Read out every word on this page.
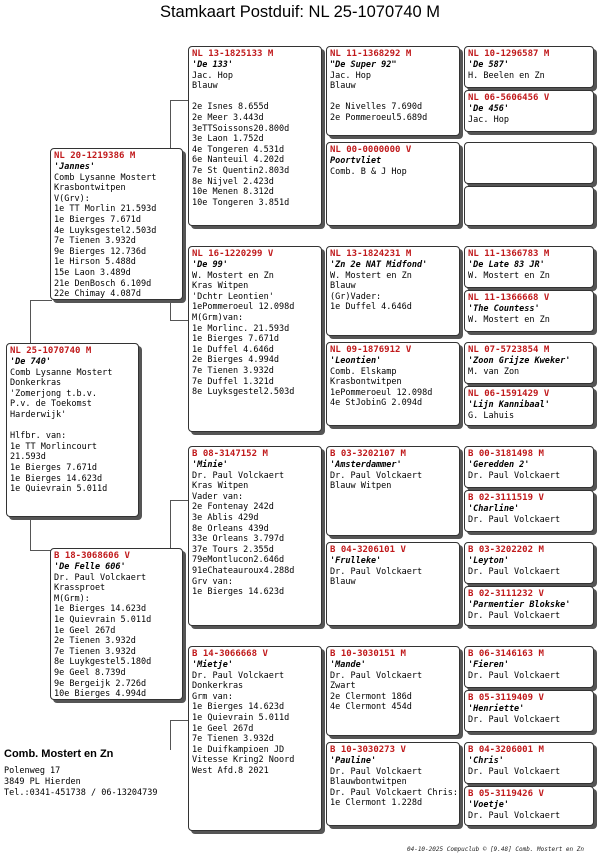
Stamkaart Postduif: NL 25-1070740 M
NL 25-1070740 M
'De 740'
Comb Lysanne Mostert
Donkerkras
'Zomerjong t.b.v.
P.v. de Toekomst
Harderwijk'

Hlfbr. van:
1e TT Morlincourt
21.593d
1e Bierges 7.671d
1e Bierges 14.623d
1e Quievrain 5.011d
NL 20-1219386 M
'Jannes'
Comb Lysanne Mostert
Krasbontwitpen
V(Grv):
1e TT Morlin 21.593d
1e Bierges 7.671d
4e Luyksgestel2.503d
7e Tienen 3.932d
9e Bierges 12.736d
1e Hirson 5.488d
15e Laon 3.489d
21e DenBosch 6.109d
22e Chimay 4.087d
B 18-3068606 V
'De Felle 606'
Dr. Paul Volckaert
Krassproet
M(Grm):
1e Bierges 14.623d
1e Quievrain 5.011d
1e Geel 267d
2e Tienen 3.932d
7e Tienen 3.932d
8e Luykgestel5.180d
9e Geel 8.739d
9e Bergeijk 2.726d
10e Bierges 4.994d
NL 13-1825133 M
'De 133'
Jac. Hop
Blauw

2e Isnes 8.655d
2e Meer 3.443d
3eTTSoissons20.800d
3e Laon 1.752d
4e Tongeren 4.531d
6e Nanteuil 4.202d
7e St Quentin2.803d
8e Nijvel 2.423d
10e Menen 8.312d
10e Tongeren 3.851d
NL 16-1220299 V
'De 99'
W. Mostert en Zn
Kras Witpen
'Dchtr Leontien'
1ePommeroeul 12.098d
M(Grm)van:
1e Morlinc. 21.593d
1e Bierges 7.671d
1e Duffel 4.646d
2e Bierges 4.994d
7e Tienen 3.932d
7e Duffel 1.321d
8e Luyksgestel2.503d
B 08-3147152 M
'Minie'
Dr. Paul Volckaert
Kras Witpen
Vader van:
2e Fontenay 242d
3e Ablis 429d
8e Orleans 439d
33e Orleans 3.797d
37e Tours 2.355d
79eMontlucon2.646d
91eChateauroux4.288d
Grv van:
1e Bierges 14.623d
B 14-3066668 V
'Mietje'
Dr. Paul Volckaert
Donkerkras
Grm van:
1e Bierges 14.623d
1e Quievrain 5.011d
1e Geel 267d
7e Tienen 3.932d
1e Duifkampioen JD
Vitesse Kring2 Noord
West Afd.8 2021
NL 11-1368292 M
"De Super 92"
Jac. Hop
Blauw

2e Nivelles 7.690d
2e Pommeroeul5.689d
NL 00-0000000 V
Poortvliet
Comb. B & J Hop
NL 13-1824231 M
'Zn 2e NAT Midfond'
W. Mostert en Zn
Blauw
(Gr)Vader:
1e Duffel 4.646d
NL 09-1876912 V
'Leontien'
Comb. Elskamp
Krasbontwitpen
1ePommeroeul 12.098d
4e StJobinG 2.094d
B 03-3202107 M
'Amsterdammer'
Dr. Paul Volckaert
Blauw Witpen
B 04-3206101 V
'Frulleke'
Dr. Paul Volckaert
Blauw
B 10-3030151 M
'Mande'
Dr. Paul Volckaert
Zwart
2e Clermont 186d
4e Clermont 454d
B 10-3030273 V
'Pauline'
Dr. Paul Volckaert
Blauwbontwitpen
Dr. Paul Volckaert Chris:
1e Clermont 1.228d
NL 10-1296587 M
'De 587'
H. Beelen en Zn
NL 06-5606456 V
'De 456'
Jac. Hop

NL 11-1366783 M
'De Late 83 JR'
W. Mostert en Zn
NL 11-1366668 V
'The Countess'
W. Mostert en Zn
NL 07-5723854 M
'Zoon Grijze Kweker'
M. van Zon
NL 06-1591429 V
'Lijn Kannibaal'
G. Lahuis
B 00-3181498 M
'Geredden 2'
Dr. Paul Volckaert
B 02-3111519 V
'Charline'
Dr. Paul Volckaert
B 03-3202202 M
'Leyton'
Dr. Paul Volckaert
B 02-3111232 V
'Parmentier Blokske'
Dr. Paul Volckaert
B 06-3146163 M
'Fieren'
Dr. Paul Volckaert
B 05-3119409 V
'Henriette'
Dr. Paul Volckaert
B 04-3206001 M
'Chris'
Dr. Paul Volckaert
B 05-3119426 V
'Voetje'
Dr. Paul Volckaert
Comb. Mostert en Zn
Polenweg 17
3849 PL Hierden
Tel.:0341-451738 / 06-13204739
04-10-2025 Compuclub © [9.48] Comb. Mostert en Zn
